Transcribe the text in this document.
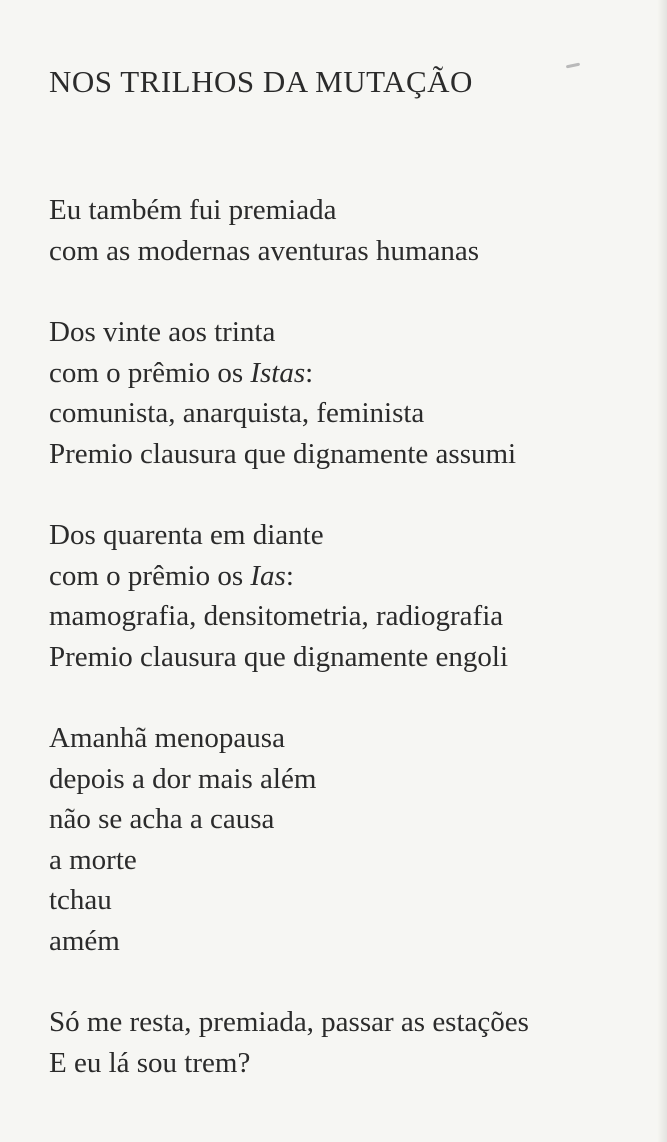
NOS TRILHOS DA MUTAÇÃO
Eu também fui premiada
com as modernas aventuras humanas
Dos vinte aos trinta
com o prêmio os Istas:
comunista, anarquista, feminista
Premio clausura que dignamente assumi
Dos quarenta em diante
com o prêmio os Ias:
mamografia, densitometria, radiografia
Premio clausura que dignamente engoli
Amanhã menopausa
depois a dor mais além
não se acha a causa
a morte
tchau
amém
Só me resta, premiada, passar as estações
E eu lá sou trem?
